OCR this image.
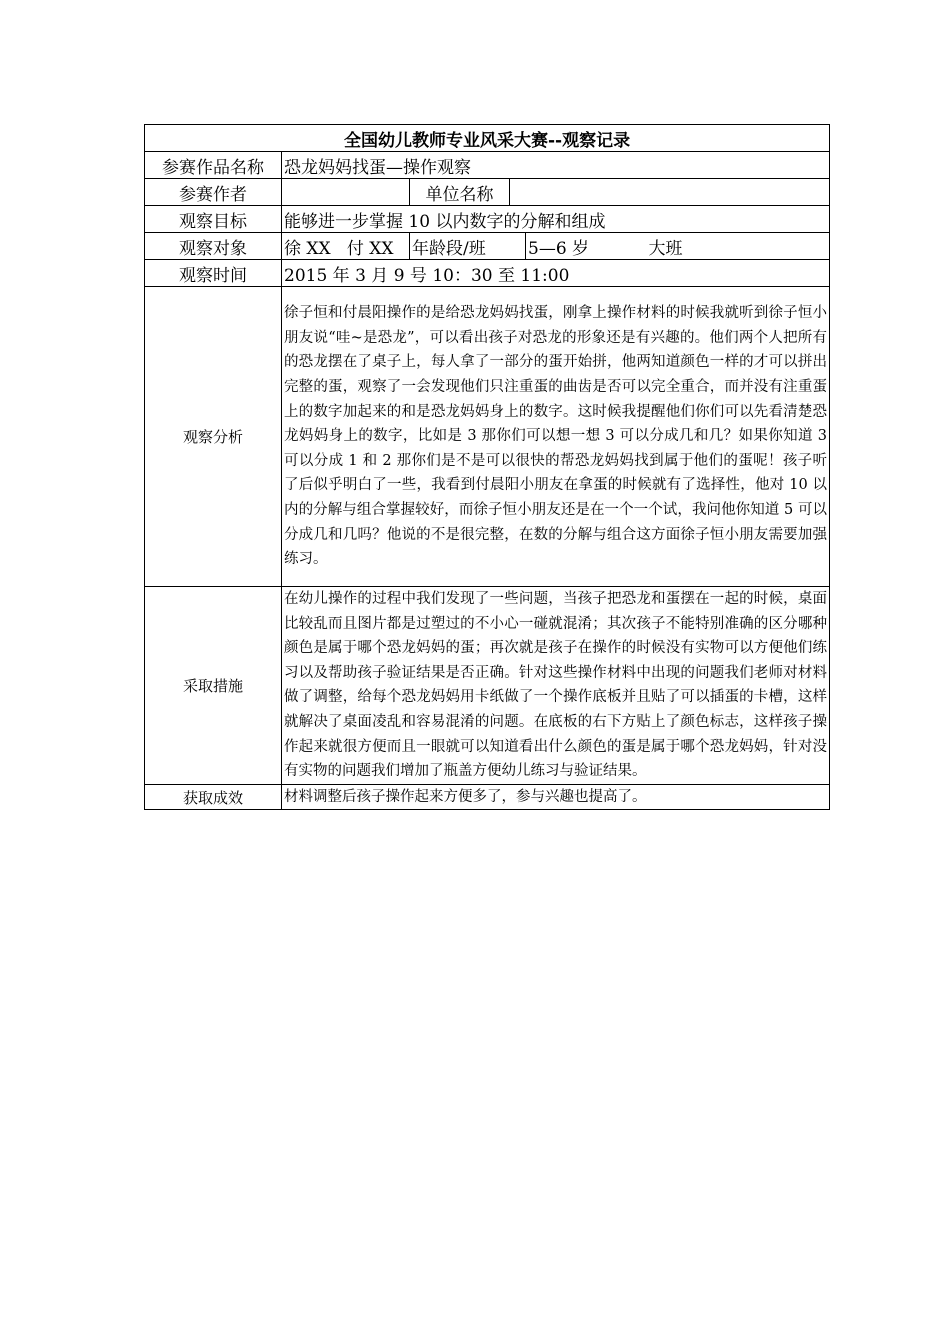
全国幼儿教师专业风采大赛--观察记录				
参赛作品名称	恐龙妈妈找蛋—操作观察			
参赛作者		单位名称		
观察目标	能够进一步掌握 10 以内数字的分解和组成			
观察对象	徐 XX   付 XX	年龄段/班		5—6 岁           大班
观察时间	2015 年 3 月 9 号 10：30 至 11:00			
观察分析	徐子恒和付晨阳操作的是给恐龙妈妈找蛋，刚拿上操作材料的时候我就听到徐子恒小朋友说“哇~是恐龙”，可以看出孩子对恐龙的形象还是有兴趣的。他们两个人把所有的恐龙摆在了桌子上，每人拿了一部分的蛋开始拼，他两知道颜色一样的才可以拼出完整的蛋，观察了一会发现他们只注重蛋的曲齿是否可以完全重合，而并没有注重蛋上的数字加起来的和是恐龙妈妈身上的数字。这时候我提醒他们你们可以先看清楚恐龙妈妈身上的数字，比如是 3 那你们可以想一想 3 可以分成几和几？如果你知道 3 可以分成 1 和 2 那你们是不是可以很快的帮恐龙妈妈找到属于他们的蛋呢！孩子听了后似乎明白了一些，我看到付晨阳小朋友在拿蛋的时候就有了选择性，他对 10 以内的分解与组合掌握较好，而徐子恒小朋友还是在一个一个试，我问他你知道 5 可以分成几和几吗？他说的不是很完整，在数的分解与组合这方面徐子恒小朋友需要加强练习。			
采取措施	在幼儿操作的过程中我们发现了一些问题，当孩子把恐龙和蛋摆在一起的时候，桌面比较乱而且图片都是过塑过的不小心一碰就混淆；其次孩子不能特别准确的区分哪种颜色是属于哪个恐龙妈妈的蛋；再次就是孩子在操作的时候没有实物可以方便他们练习以及帮助孩子验证结果是否正确。针对这些操作材料中出现的问题我们老师对材料做了调整，给每个恐龙妈妈用卡纸做了一个操作底板并且贴了可以插蛋的卡槽，这样就解决了桌面凌乱和容易混淆的问题。在底板的右下方贴上了颜色标志，这样孩子操作起来就很方便而且一眼就可以知道看出什么颜色的蛋是属于哪个恐龙妈妈，针对没有实物的问题我们增加了瓶盖方便幼儿练习与验证结果。			
获取成效	材料调整后孩子操作起来方便多了，参与兴趣也提高了。			
